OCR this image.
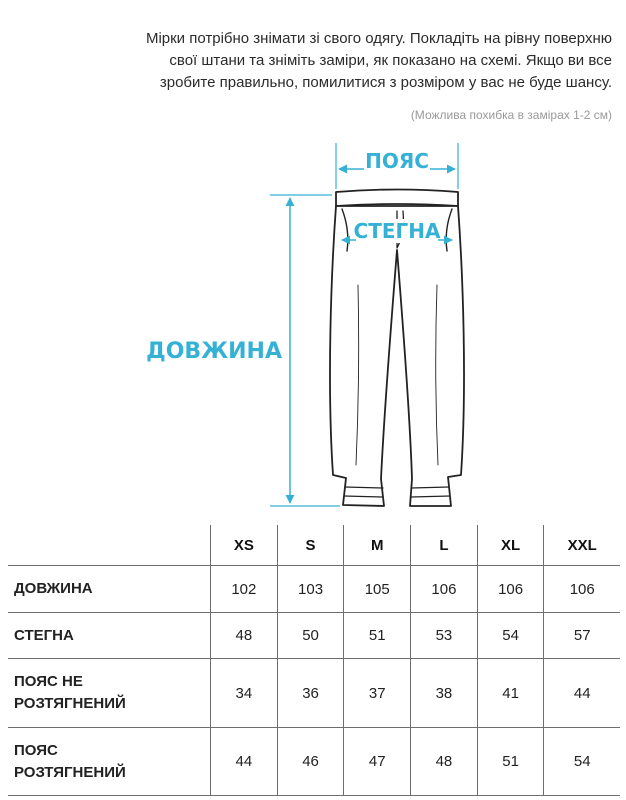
Мірки потрібно знімати зі свого одягу. Покладіть на рівну поверхню
свої штани та зніміть заміри, як показано на схемі. Якщо ви все
зробите правильно, помилитися з розміром у вас не буде шансу.
(Можлива похибка в замірах 1-2 см)
ПОЯС
СТЕГНА
ДОВЖИНА
	XS	S	M	L	XL	XXL

ДОВЖИНА	102	103	105	106	106	106

СТЕГНА	48	50	51	53	54	57

ПОЯС НЕ
РОЗТЯГНЕНИЙ	34	36	37	38	41	44

ПОЯС
РОЗТЯГНЕНИЙ	44	46	47	48	51	54
